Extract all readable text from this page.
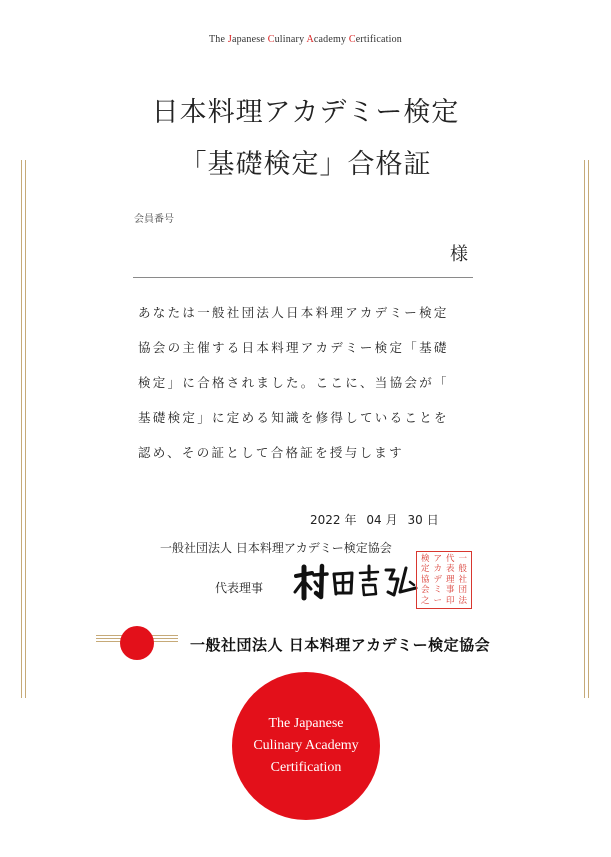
The Japanese Culinary Academy Certification
日本料理アカデミー検定
「基礎検定」合格証
会員番号
様
あなたは一般社団法人日本料理アカデミー検定
協会の主催する日本料理アカデミー検定「基礎
検定」に合格されました。ここに、当協会が「
基礎検定」に定める知識を修得していることを
認め、その証として合格証を授与します
2022 年 04 月 30 日
一般社団法人 日本料理アカデミー検定協会
代表理事
検 ア 代 一
定 カ 表 般
協 デ 理 社
会 ミ 事 団
之 ー 印 法
一般社団法人 日本料理アカデミー検定協会
The Japanese
Culinary Academy
Certification
